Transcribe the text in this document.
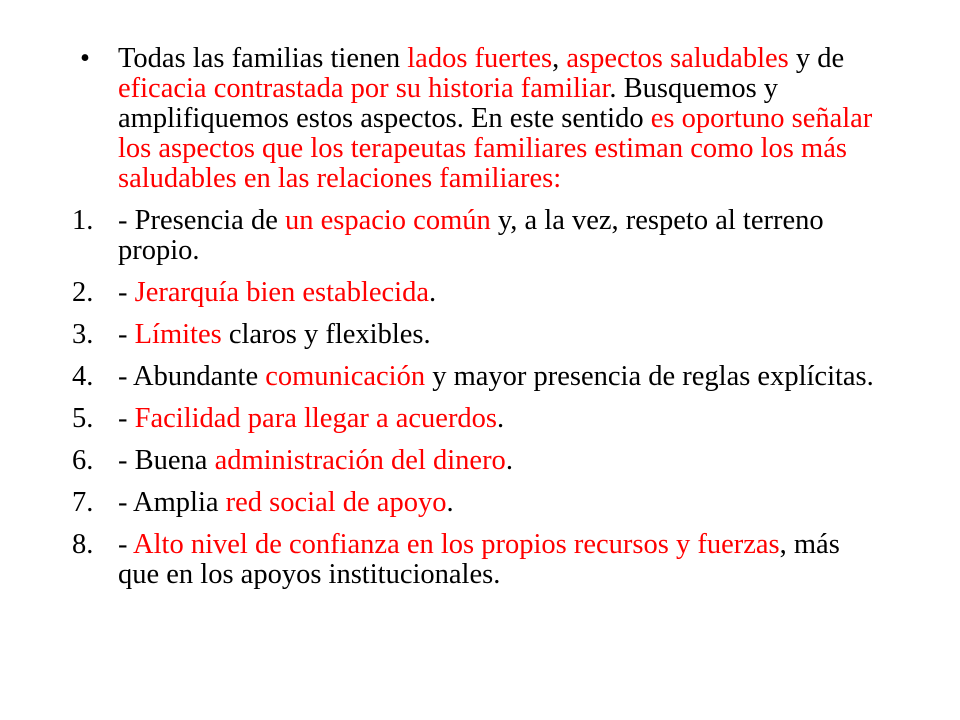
• Todas las familias tienen lados fuertes, aspectos saludables y de eficacia contrastada por su historia familiar. Busquemos y amplifiquemos estos aspectos. En este sentido es oportuno señalar los aspectos que los terapeutas familiares estiman como los más saludables en las relaciones familiares:
1. - Presencia de un espacio común y, a la vez, respeto al terreno propio.
2. - Jerarquía bien establecida.
3. - Límites claros y flexibles.
4. - Abundante comunicación y mayor presencia de reglas explícitas.
5. - Facilidad para llegar a acuerdos.
6. - Buena administración del dinero.
7. - Amplia red social de apoyo.
8. - Alto nivel de confianza en los propios recursos y fuerzas, más que en los apoyos institucionales.
